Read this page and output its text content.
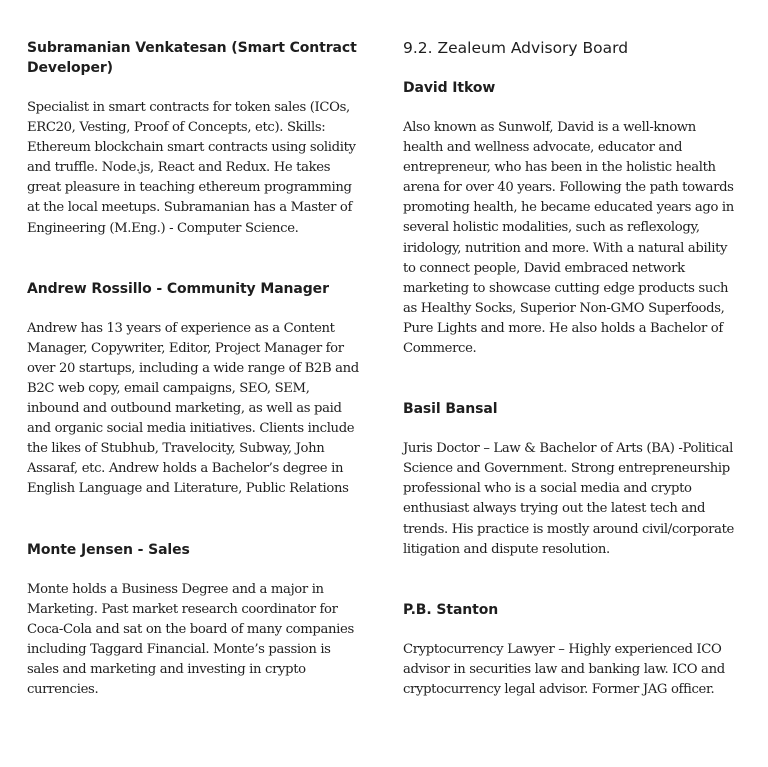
Subramanian Venkatesan (Smart Contract Developer)

Specialist in smart contracts for token sales (ICOs, ERC20, Vesting, Proof of Concepts, etc). Skills: Ethereum blockchain smart contracts using solidity and truffle. Node.js, React and Redux. He takes great pleasure in teaching ethereum programming at the local meetups. Subramanian has a Master of Engineering (M.Eng.) - Computer Science.

Andrew Rossillo - Community Manager

Andrew has 13 years of experience as a Content Manager, Copywriter, Editor, Project Manager for over 20 startups, including a wide range of B2B and B2C web copy, email campaigns, SEO, SEM, inbound and outbound marketing, as well as paid and organic social media initiatives. Clients include the likes of Stubhub, Travelocity, Subway, John Assaraf, etc. Andrew holds a Bachelor’s degree in English Language and Literature, Public Relations

Monte Jensen - Sales

Monte holds a Business Degree and a major in Marketing. Past market research coordinator for Coca-Cola and sat on the board of many companies including Taggard Financial. Monte’s passion is sales and marketing and investing in crypto currencies.

9.2. Zealeum Advisory Board
David Itkow

Also known as Sunwolf, David is a well-known health and wellness advocate, educator and entrepreneur, who has been in the holistic health arena for over 40 years. Following the path towards promoting health, he became educated years ago in several holistic modalities, such as reflexology, iridology, nutrition and more. With a natural ability to connect people, David embraced network marketing to showcase cutting edge products such as Healthy Socks, Superior Non-GMO Superfoods, Pure Lights and more. He also holds a Bachelor of Commerce.

Basil Bansal

Juris Doctor – Law & Bachelor of Arts (BA) -Political Science and Government. Strong entrepreneurship professional who is a social media and crypto enthusiast always trying out the latest tech and trends. His practice is mostly around civil/corporate litigation and dispute resolution.

P.B. Stanton

Cryptocurrency Lawyer – Highly experienced ICO advisor in securities law and banking law. ICO and cryptocurrency legal advisor. Former JAG officer.
